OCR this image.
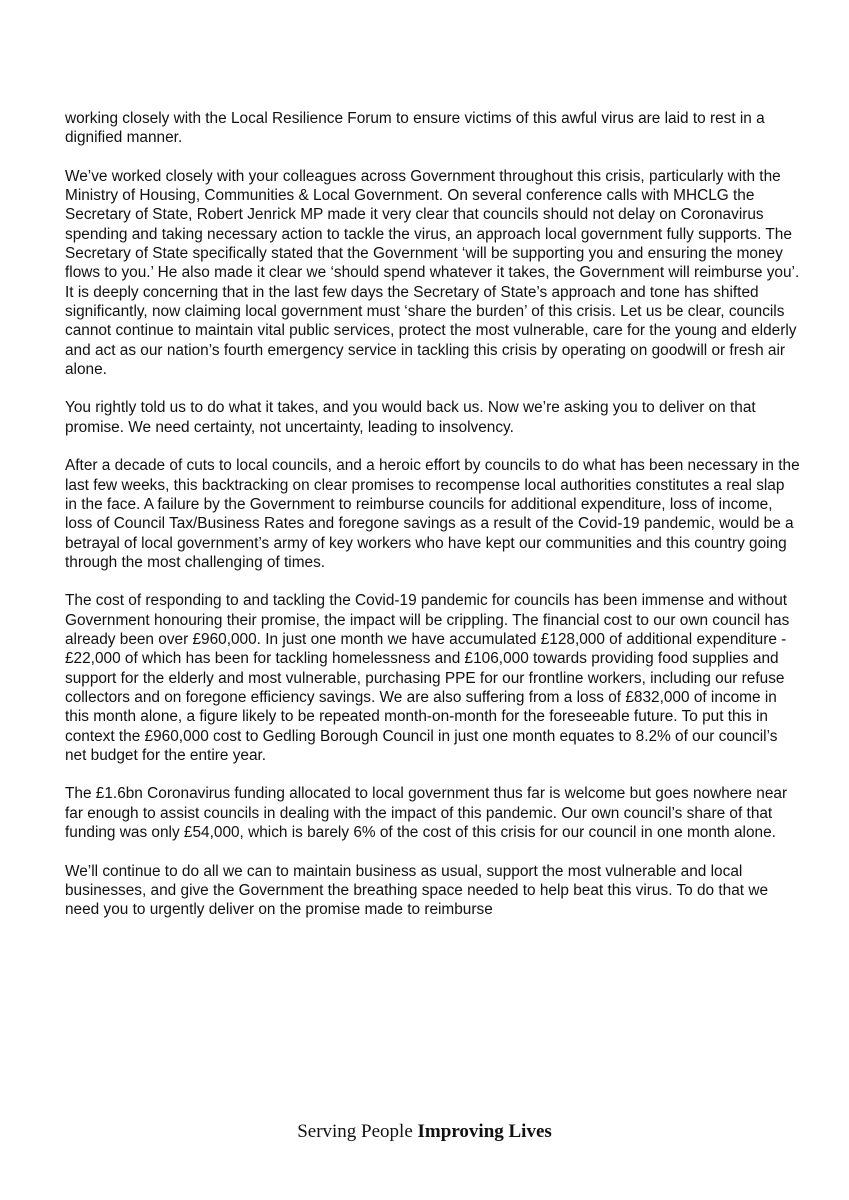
working closely with the Local Resilience Forum to ensure victims of this awful virus are laid to rest in a dignified manner.

We’ve worked closely with your colleagues across Government throughout this crisis, particularly with the Ministry of Housing, Communities & Local Government. On several conference calls with MHCLG the Secretary of State, Robert Jenrick MP made it very clear that councils should not delay on Coronavirus spending and taking necessary action to tackle the virus, an approach local government fully supports. The Secretary of State specifically stated that the Government ‘will be supporting you and ensuring the money flows to you.’ He also made it clear we ‘should spend whatever it takes, the Government will reimburse you’. It is deeply concerning that in the last few days the Secretary of State’s approach and tone has shifted significantly, now claiming local government must ‘share the burden’ of this crisis. Let us be clear, councils cannot continue to maintain vital public services, protect the most vulnerable, care for the young and elderly and act as our nation’s fourth emergency service in tackling this crisis by operating on goodwill or fresh air alone.

You rightly told us to do what it takes, and you would back us. Now we’re asking you to deliver on that promise. We need certainty, not uncertainty, leading to insolvency.

After a decade of cuts to local councils, and a heroic effort by councils to do what has been necessary in the last few weeks, this backtracking on clear promises to recompense local authorities constitutes a real slap in the face. A failure by the Government to reimburse councils for additional expenditure, loss of income, loss of Council Tax/Business Rates and foregone savings as a result of the Covid-19 pandemic, would be a betrayal of local government’s army of key workers who have kept our communities and this country going through the most challenging of times.

The cost of responding to and tackling the Covid-19 pandemic for councils has been immense and without Government honouring their promise, the impact will be crippling. The financial cost to our own council has already been over £960,000. In just one month we have accumulated £128,000 of additional expenditure - £22,000 of which has been for tackling homelessness and £106,000 towards providing food supplies and support for the elderly and most vulnerable, purchasing PPE for our frontline workers, including our refuse collectors and on foregone efficiency savings. We are also suffering from a loss of £832,000 of income in this month alone, a figure likely to be repeated month-on-month for the foreseeable future. To put this in context the £960,000 cost to Gedling Borough Council in just one month equates to 8.2% of our council’s net budget for the entire year.

The £1.6bn Coronavirus funding allocated to local government thus far is welcome but goes nowhere near far enough to assist councils in dealing with the impact of this pandemic. Our own council’s share of that funding was only £54,000, which is barely 6% of the cost of this crisis for our council in one month alone.

We’ll continue to do all we can to maintain business as usual, support the most vulnerable and local businesses, and give the Government the breathing space needed to help beat this virus. To do that we need you to urgently deliver on the promise made to reimburse

Serving People Improving Lives
